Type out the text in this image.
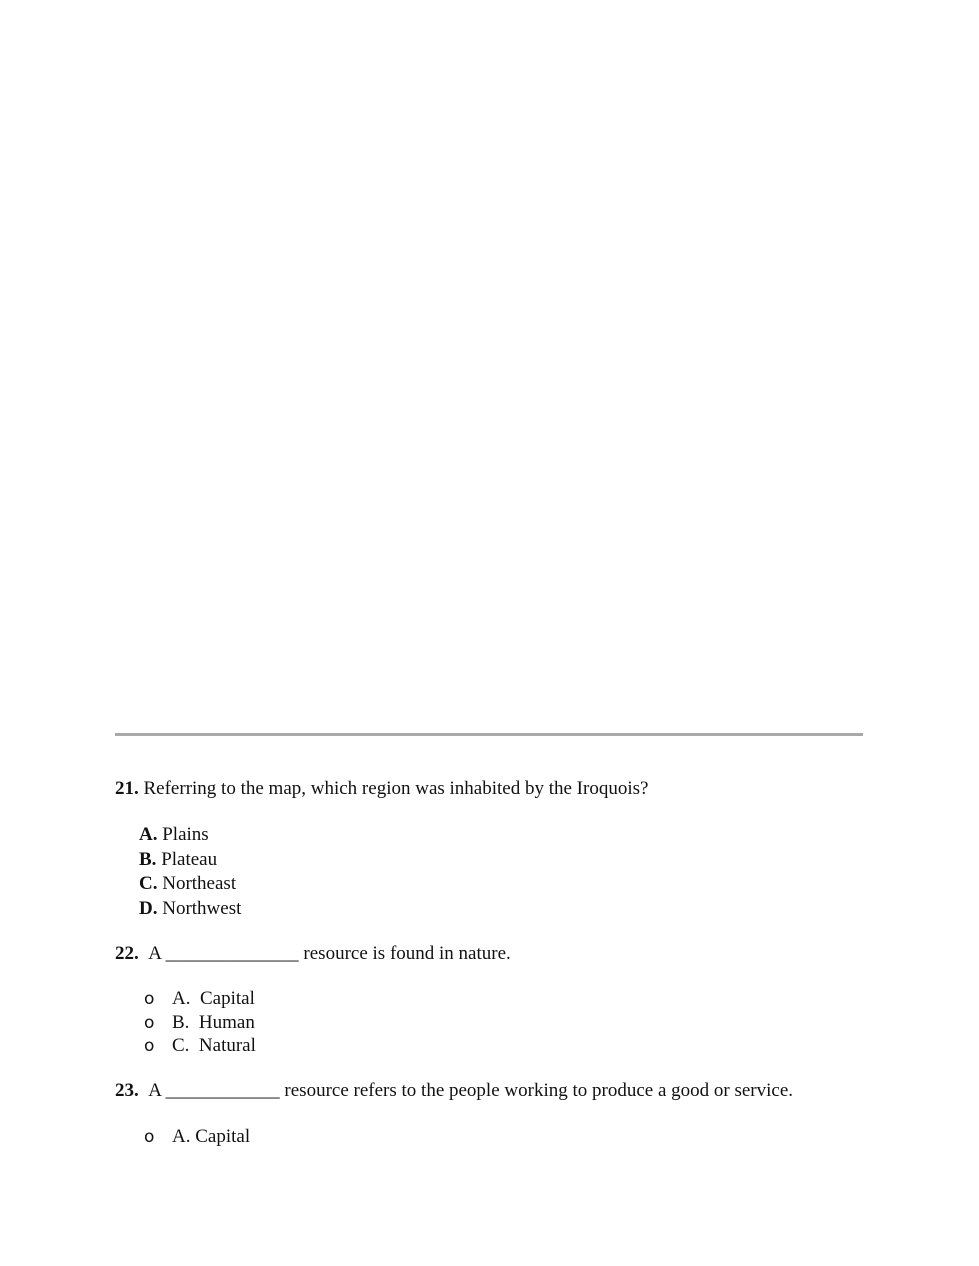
21. Referring to the map, which region was inhabited by the Iroquois?
A. Plains
B. Plateau
C. Northeast
D. Northwest
22. A ______________ resource is found in nature.
o A.  Capital
o B.  Human
o C.  Natural
23. A ____________ resource refers to the people working to produce a good or service.
o A. Capital
